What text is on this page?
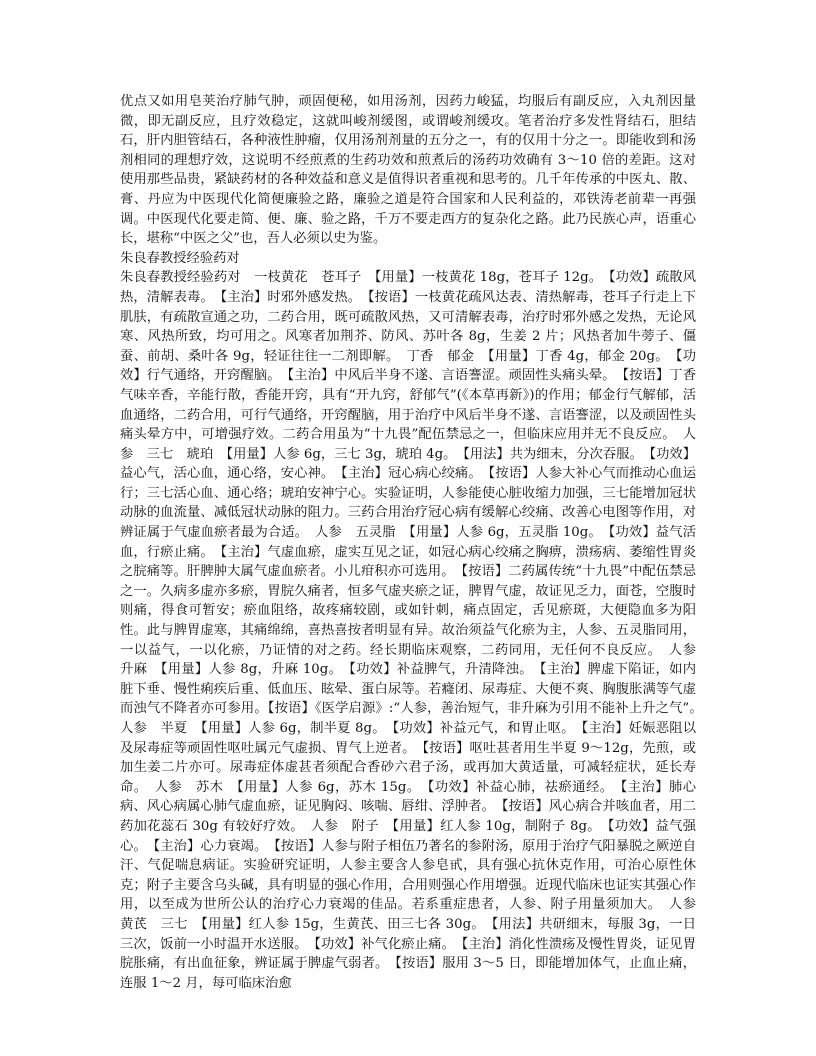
优点又如用皂荚治疗肺气肿，顽固便秘，如用汤剂，因药力峻猛，均服后有副反应，入丸剂因量微，即无副反应，且疗效稳定，这就叫峻剂缓图，或谓峻剂缓攻。笔者治疗多发性肾结石，胆结石，肝内胆管结石，各种液性肿瘤，仅用汤剂剂量的五分之一，有的仅用十分之一。即能收到和汤剂相同的理想疗效，这说明不经煎煮的生药功效和煎煮后的汤药功效确有 3～10 倍的差距。这对使用那些品贵，紧缺药材的各种效益和意义是值得识者重视和思考的。几千年传承的中医丸、散、膏、丹应为中医现代化简便廉验之路，廉验之道是符合国家和人民利益的，邓铁涛老前辈一再强调。中医现代化要走简、便、廉、验之路，千万不要走西方的复杂化之路。此乃民族心声，语重心长，堪称“中医之父”也，吾人必须以史为鉴。

朱良春教授经验药对

朱良春教授经验药对　一枝黄花　苍耳子　【用量】一枝黄花 18g，苍耳子 12g。　【功效】疏散风热，清解表毒。　【主治】时邪外感发热。　【按语】一枝黄花疏风达表、清热解毒，苍耳子行走上下肌肤，有疏散宣通之功，二药合用，既可疏散风热，又可清解表毒，治疗时邪外感之发热，无论风寒、风热所致，均可用之。风寒者加荆芥、防风、苏叶各 8g，生姜 2 片；风热者加牛蒡子、僵蚕、前胡、桑叶各 9g，轻证往往一二剂即解。　丁香　郁金　【用量】丁香 4g，郁金 20g。　【功效】行气通络，开窍醒脑。　【主治】中风后半身不遂、言语謇涩。顽固性头痛头晕。　【按语】丁香气味辛香，辛能行散，香能开窍，具有“开九窍，舒郁气”(《本草再新》)的作用；郁金行气解郁，活血通络，二药合用，可行气通络，开窍醒脑，用于治疗中风后半身不遂、言语謇涩，以及顽固性头痛头晕方中，可增强疗效。二药合用虽为“十九畏”配伍禁忌之一，但临床应用并无不良反应。　人参　三七　琥珀　【用量】人参 6g，三七 3g，琥珀 4g。　【用法】共为细末，分次吞服。　【功效】益心气，活心血，通心络，安心神。　【主治】冠心病心绞痛。　【按语】人参大补心气而推动心血运行；三七活心血、通心络；琥珀安神宁心。实验证明，人参能使心脏收缩力加强，三七能增加冠状动脉的血流量、减低冠状动脉的阻力。三药合用治疗冠心病有缓解心绞痛、改善心电图等作用，对辨证属于气虚血瘀者最为合适。　人参　五灵脂　【用量】人参 6g，五灵脂 10g。　【功效】益气活血，行瘀止痛。　【主治】气虚血瘀，虚实互见之证，如冠心病心绞痛之胸痹，溃疡病、萎缩性胃炎之脘痛等。肝脾肿大属气虚血瘀者。小儿疳积亦可选用。　【按语】二药属传统“十九畏”中配伍禁忌之一。久病多虚亦多瘀，胃脘久痛者，恒多气虚夹瘀之证，脾胃气虚，故证见乏力，面苍，空腹时则痛，得食可暂安；瘀血阻络，故疼痛较剧，或如针刺，痛点固定，舌见瘀斑，大便隐血多为阳性。此与脾胃虚寒，其痛绵绵，喜热喜按者明显有异。故治须益气化瘀为主，人参、五灵脂同用，一以益气，一以化瘀，乃证情的对之药。经长期临床观察，二药同用，无任何不良反应。　人参　升麻　【用量】人参 8g，升麻 10g。　【功效】补益脾气，升清降浊。　【主治】脾虚下陷证，如内脏下垂、慢性痢疾后重、低血压、眩晕、蛋白尿等。若癃闭、尿毒症、大便不爽、胸腹胀满等气虚而浊气不降者亦可参用。【按语】《医学启源》:“人参，善治短气，非升麻为引用不能补上升之气”。　人参　半夏　【用量】人参 6g，制半夏 8g。　【功效】补益元气，和胃止呕。　【主治】妊娠恶阻以及尿毒症等顽固性呕吐属元气虚损、胃气上逆者。　【按语】呕吐甚者用生半夏 9～12g，先煎，或加生姜二片亦可。尿毒症体虚甚者须配合香砂六君子汤，或再加大黄适量，可减轻症状，延长寿命。　人参　苏木　【用量】人参 6g，苏木 15g。　【功效】补益心肺，祛瘀通经。　【主治】肺心病、风心病属心肺气虚血瘀，证见胸闷、咳喘、唇绀、浮肿者。　【按语】风心病合并咳血者，用二药加花蕊石 30g 有较好疗效。　人参　附子　【用量】红人参 10g，制附子 8g。　【功效】益气强心。　【主治】心力衰竭。　【按语】人参与附子相伍乃著名的参附汤，原用于治疗气阳暴脱之厥逆自汗、气促喘息病证。实验研究证明，人参主要含人参皂甙，具有强心抗休克作用，可治心原性休克；附子主要含乌头碱，具有明显的强心作用，合用则强心作用增强。近现代临床也证实其强心作用，以至成为世所公认的治疗心力衰竭的佳品。若系重症患者，人参、附子用量须加大。　人参　黄芪　三七　【用量】红人参 15g，生黄芪、田三七各 30g。　【用法】共研细末，每服 3g，一日三次，饭前一小时温开水送服。　【功效】补气化瘀止痛。　【主治】消化性溃疡及慢性胃炎，证见胃脘胀痛，有出血征象，辨证属于脾虚气弱者。　【按语】服用 3～5 日，即能增加体气，止血止痛，连服 1～2 月，每可临床治愈
